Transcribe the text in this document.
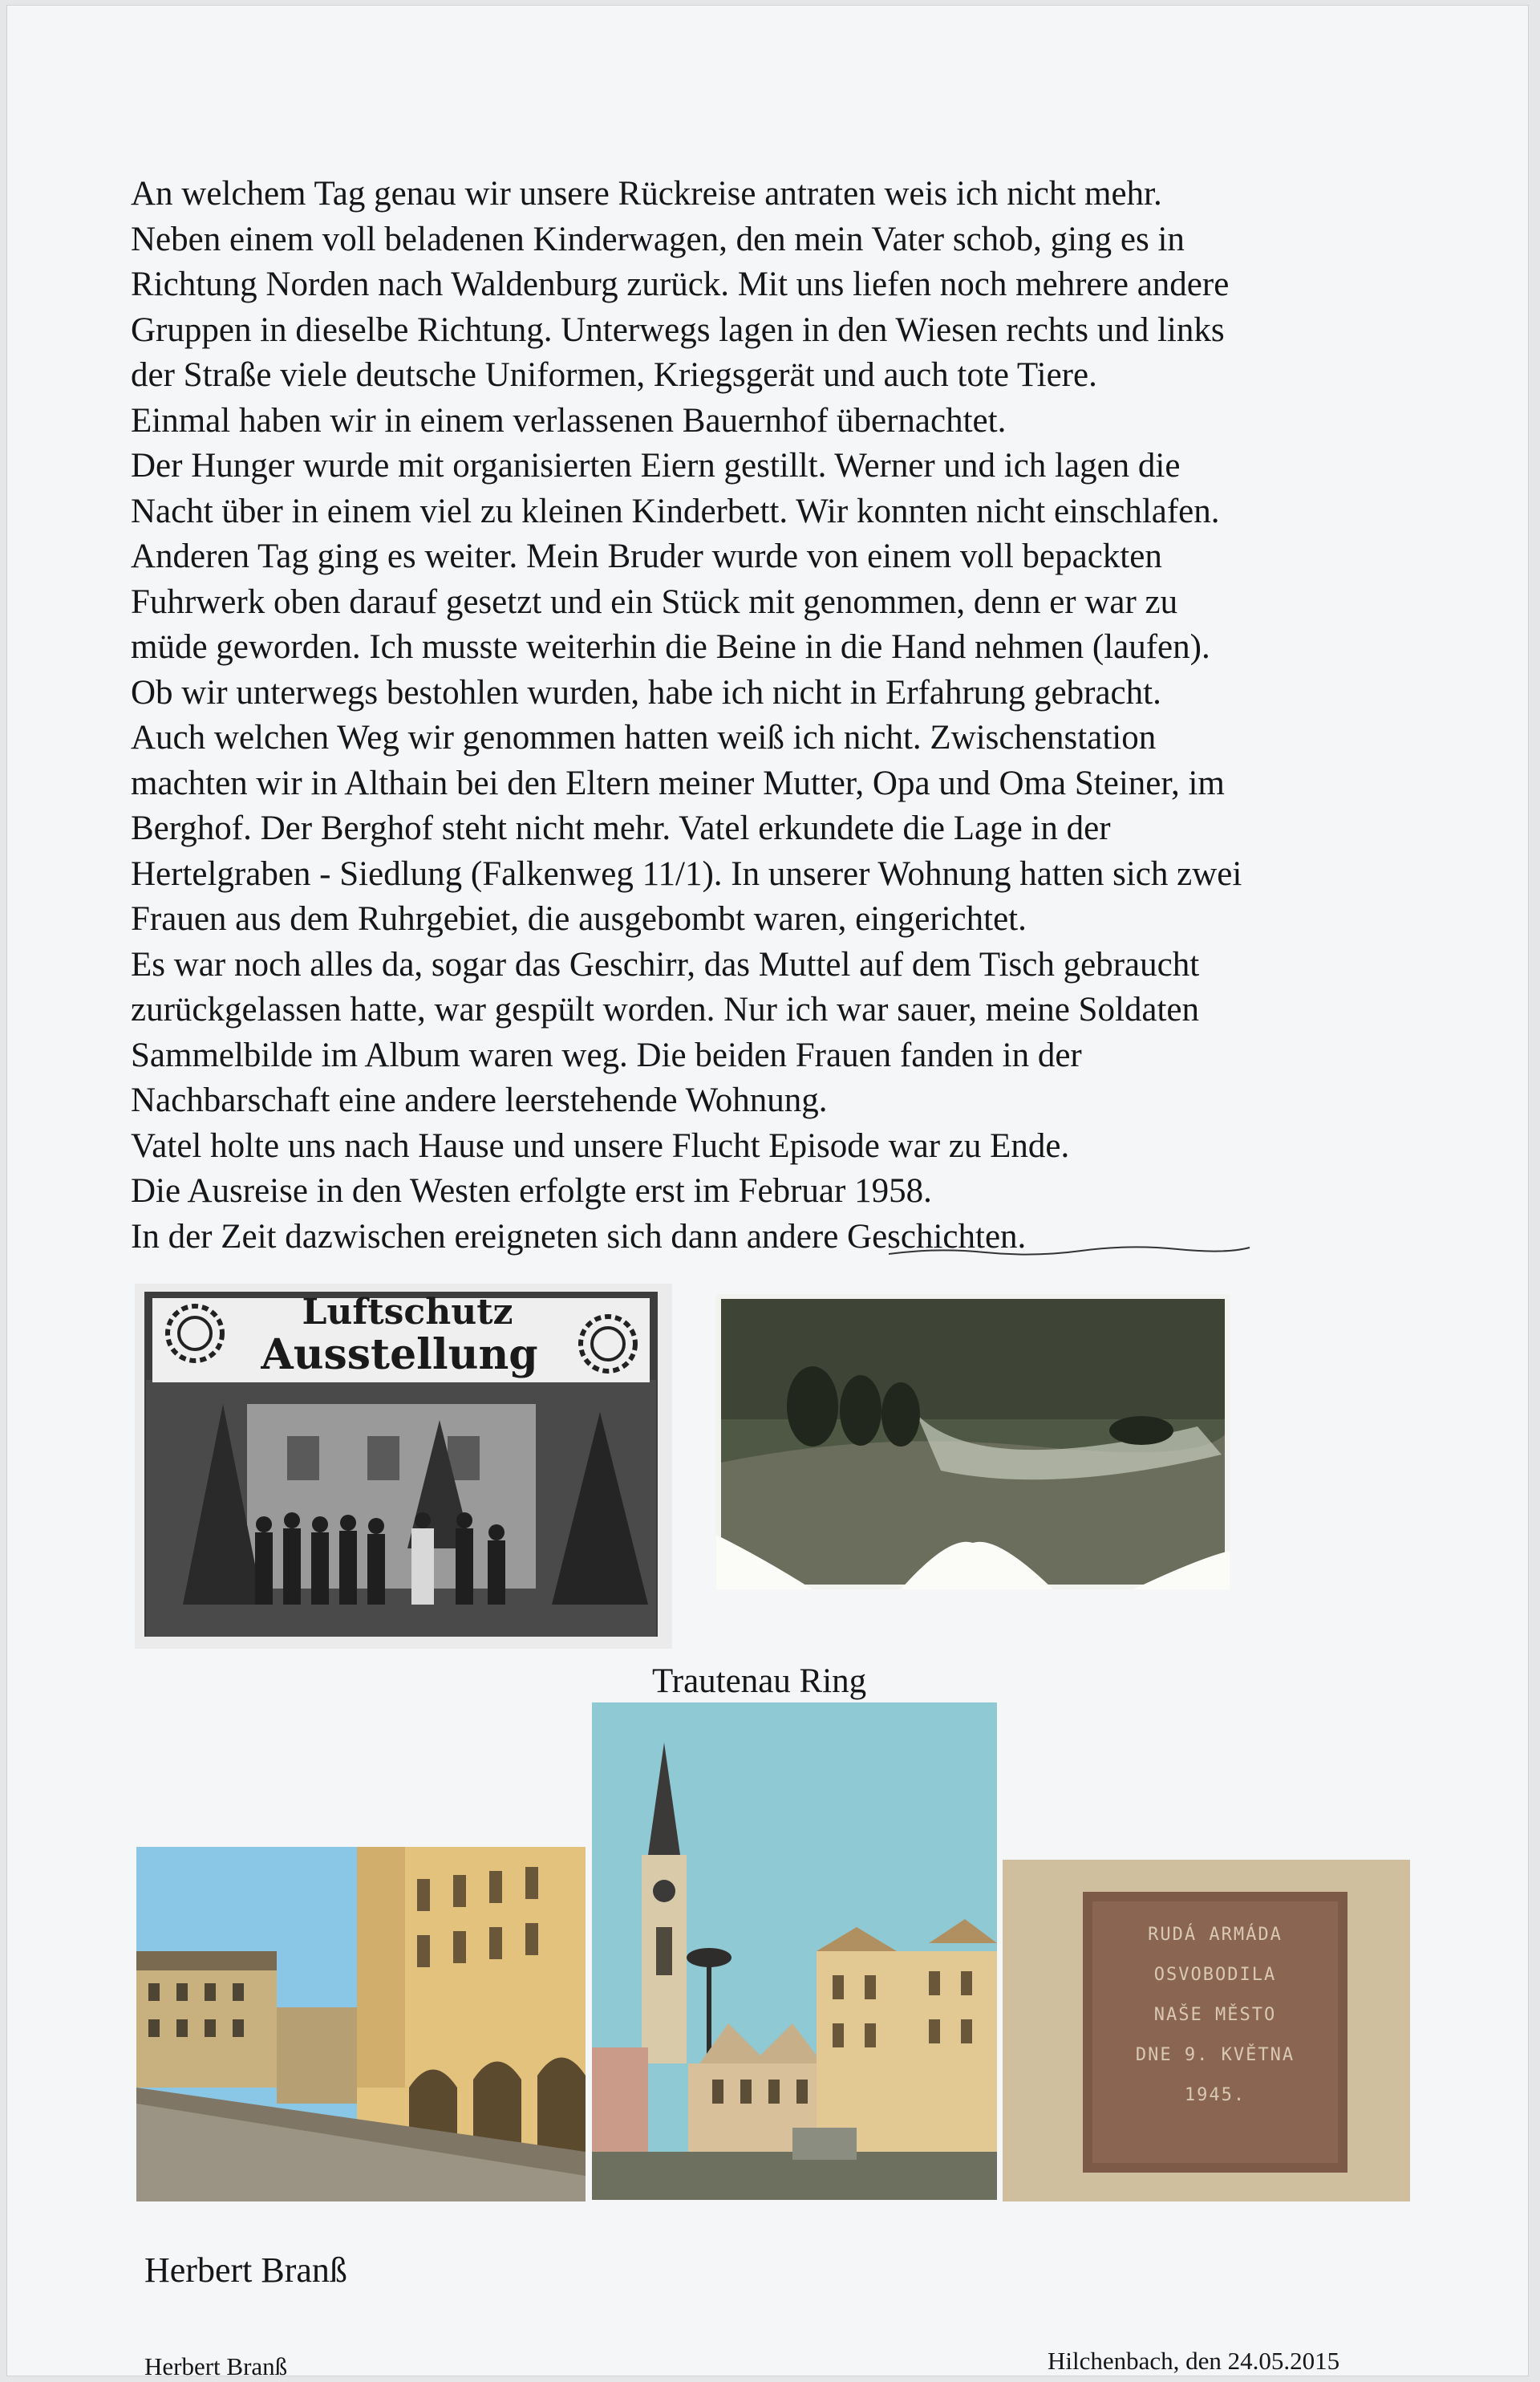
An welchem Tag genau wir unsere Rückreise antraten weis ich nicht mehr.
Neben einem voll beladenen Kinderwagen, den mein Vater schob, ging es in
Richtung Norden nach Waldenburg zurück. Mit uns liefen noch mehrere andere
Gruppen in dieselbe Richtung. Unterwegs lagen in den Wiesen rechts und links
der Straße viele deutsche Uniformen, Kriegsgerät und auch tote Tiere.
Einmal haben wir in einem verlassenen Bauernhof übernachtet.
Der Hunger wurde mit organisierten Eiern gestillt. Werner und ich lagen die
Nacht über in einem viel zu kleinen Kinderbett. Wir konnten nicht einschlafen.
Anderen Tag ging es weiter. Mein Bruder wurde von einem voll bepackten
Fuhrwerk oben darauf gesetzt und ein Stück mit genommen, denn er war zu
müde geworden. Ich musste weiterhin die Beine in die Hand nehmen (laufen).
Ob wir unterwegs bestohlen wurden, habe ich nicht in Erfahrung gebracht.
Auch welchen Weg wir genommen hatten weiß ich nicht. Zwischenstation
machten wir in Althain bei den Eltern meiner Mutter, Opa und Oma Steiner, im
Berghof. Der Berghof steht nicht mehr. Vatel erkundete die Lage in der
Hertelgraben - Siedlung (Falkenweg 11/1). In unserer Wohnung hatten sich zwei
Frauen aus dem Ruhrgebiet, die ausgebombt waren, eingerichtet.
Es war noch alles da, sogar das Geschirr, das Muttel auf dem Tisch gebraucht
zurückgelassen hatte, war gespült worden. Nur ich war sauer, meine Soldaten
Sammelbilde im Album waren weg. Die beiden Frauen fanden in der
Nachbarschaft eine andere leerstehende Wohnung.
Vatel holte uns nach Hause und unsere Flucht Episode war zu Ende.
Die Ausreise in den Westen erfolgte erst im Februar 1958.
In der Zeit dazwischen ereigneten sich dann andere Geschichten.
Luftschutz
Ausstellung
Trautenau Ring
RUDÁ ARMÁDA
OSVOBODILA
NAŠE MĚSTO
DNE 9. KVĚTNA
1945.
Herbert Branß
Herbert Branß	Hilchenbach, den 24.05.2015
